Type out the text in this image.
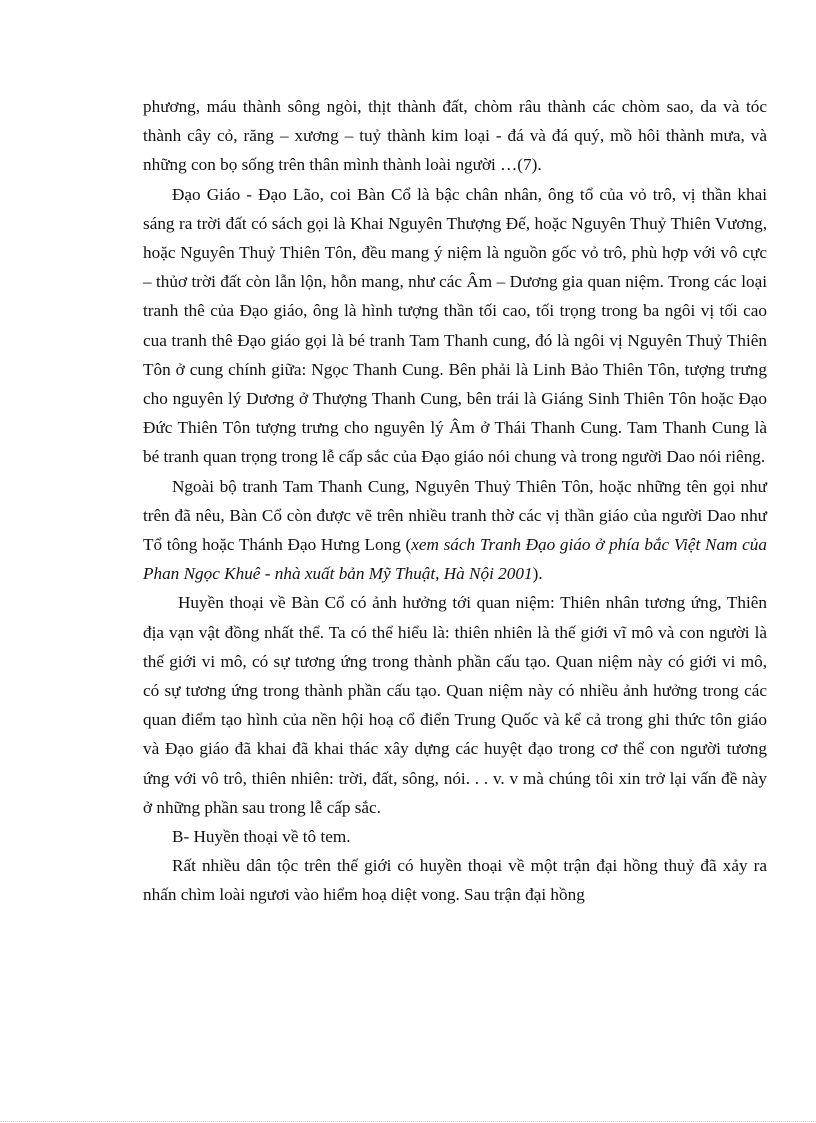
phương, máu thành sông ngòi, thịt thành đất, chòm râu thành các chòm sao, da và tóc thành cây cỏ, răng – xương – tuỷ thành kim loại - đá và đá quý, mồ hôi thành mưa, và những con bọ sống trên thân mình thành loài người …(7).

Đạo Giáo - Đạo Lão, coi Bàn Cổ là bậc chân nhân, ông tổ của vỏ trô, vị thần khai sáng ra trời đất có sách gọi là Khai Nguyên Thượng Đế, hoặc Nguyên Thuỷ Thiên Vương, hoặc Nguyên Thuỷ Thiên Tôn, đều mang ý niệm là nguồn gốc vỏ trô, phù hợp với vô cực – thủơ trời đất còn lẫn lộn, hỗn mang, như các Âm – Dương gia quan niệm. Trong các loại tranh thê của Đạo giáo, ông là hình tượng thần tối cao, tối trọng trong ba ngôi vị tối cao cua tranh thê Đạo giáo gọi là bé tranh Tam Thanh cung, đó là ngôi vị Nguyên Thuỷ Thiên Tôn ở cung chính giữa: Ngọc Thanh Cung. Bên phải là Linh Bảo Thiên Tôn, tượng trưng cho nguyên lý Dương ở Thượng Thanh Cung, bên trái là Giáng Sinh Thiên Tôn hoặc Đạo Đức Thiên Tôn tượng trưng cho nguyên lý Âm ở Thái Thanh Cung. Tam Thanh Cung là bé tranh quan trọng trong lễ cấp sắc của Đạo giáo nói chung và trong người Dao nói riêng.

Ngoài bộ tranh Tam Thanh Cung, Nguyên Thuỷ Thiên Tôn, hoặc những tên gọi như trên đã nêu, Bàn Cổ còn được vẽ trên nhiều tranh thờ các vị thần giáo của người Dao như Tổ tông hoặc Thánh Đạo Hưng Long (xem sách Tranh Đạo giáo ở phía bắc Việt Nam của Phan Ngọc Khuê - nhà xuất bản Mỹ Thuật, Hà Nội 2001).

Huyền thoại về Bàn Cổ có ảnh hưởng tới quan niệm: Thiên nhân tương ứng, Thiên địa vạn vật đồng nhất thể. Ta có thể hiểu là: thiên nhiên là thế giới vĩ mô và con người là thế giới vi mô, có sự tương ứng trong thành phần cấu tạo. Quan niệm này có giới vi mô, có sự tương ứng trong thành phần cấu tạo. Quan niệm này có nhiều ảnh hưởng trong các quan điểm tạo hình của nền hội hoạ cổ điển Trung Quốc và kể cả trong ghi thức tôn giáo và Đạo giáo đã khai đã khai thác xây dựng các huyệt đạo trong cơ thể con người tương ứng với vô trô, thiên nhiên: trời, đất, sông, nói. . . v. v mà chúng tôi xin trở lại vấn đề này ở những phần sau trong lễ cấp sắc.

B- Huyền thoại về tô tem.

Rất nhiều dân tộc trên thế giới có huyền thoại về một trận đại hồng thuỷ đã xảy ra nhấn chìm loài ngươi vào hiểm hoạ diệt vong. Sau trận đại hồng
